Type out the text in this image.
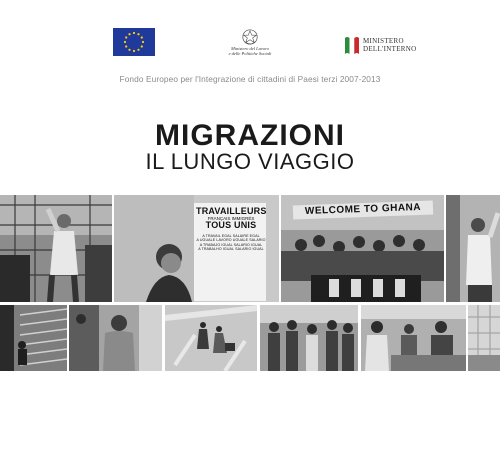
Ministero del Lavoro
e delle Politiche Sociali
MINISTERO
DELL'INTERNO
Fondo Europeo per l'Integrazione di cittadini di Paesi terzi 2007-2013
MIGRAZIONI
IL LUNGO VIAGGIO
TRAVAILLEURS
FRANÇAIS IMMIGRÉS
TOUS UNIS
A TRAVAIL EGAL SALAIRE EGAL
A UGUALE LAVORO UGUALE SALARIO
A TRABAJO IGUAL SALARIO IGUAL
A TRABALHO IGUAL SALARIO IGUAL
WELCOME TO GHANA
